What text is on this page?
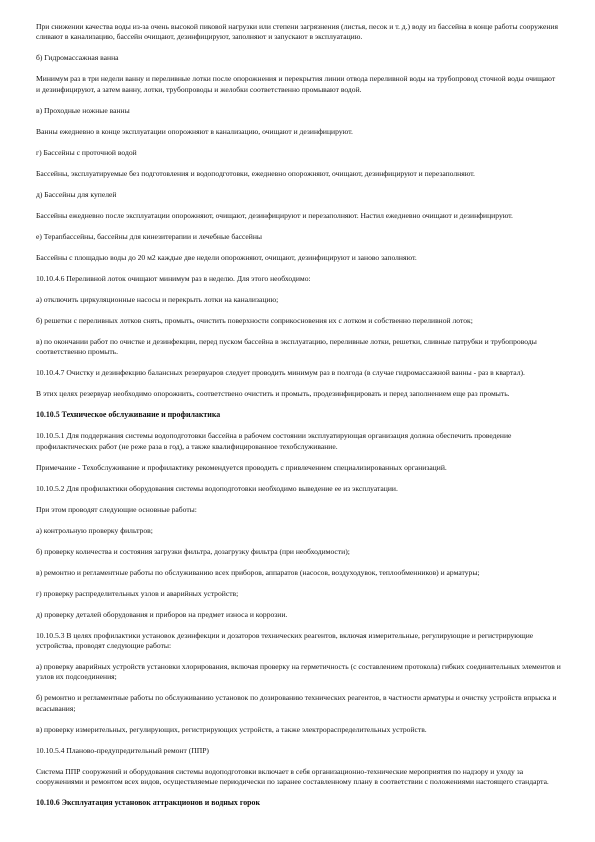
При снижении качества воды из-за очень высокой пиковой нагрузки или степени загрязнения (листья, песок и т. д.) воду из бассейна в конце работы сооружения сливают в канализацию, бассейн очищают, дезинфицируют, заполняют и запускают в эксплуатацию.

б) Гидромассажная ванна

Минимум раз в три недели ванну и переливные лотки после опорожнения и перекрытия линии отвода переливной воды на трубопровод сточной воды очищают и дезинфицируют, а затем ванну, лотки, трубопроводы и желобки соответственно промывают водой.

в) Проходные ножные ванны

Ванны ежедневно в конце эксплуатации опорожняют в канализацию, очищают и дезинфицируют.

г) Бассейны с проточной водой

Бассейны, эксплуатируемые без подготовления и водоподготовки, ежедневно опорожняют, очищают, дезинфицируют и перезаполняют.

д) Бассейны для купелей

Бассейны ежедневно после эксплуатации опорожняют, очищают, дезинфицируют и перезаполняют. Настил ежедневно очищают и дезинфицируют.

е) Терапбассейны, бассейны для кинезитерапии и лечебные бассейны

Бассейны с площадью воды до 20 м2 каждые две недели опорожняют, очищают, дезинфицируют и заново заполняют.

10.10.4.6 Переливной лоток очищают минимум раз в неделю. Для этого необходимо:

а) отключить циркуляционные насосы и перекрыть лотки на канализацию;

б) решетки с переливных лотков снять, промыть, очистить поверхности соприкосновения их с лотком и собственно переливной лоток;

в) по окончании работ по очистке и дезинфекции, перед пуском бассейна в эксплуатацию, переливные лотки, решетки, сливные патрубки и трубопроводы соответственно промыть.

10.10.4.7 Очистку и дезинфекцию балансных резервуаров следует проводить минимум раз в полгода (в случае гидромассажной ванны - раз в квартал).

В этих целях резервуар необходимо опорожнить, соответствено очистить и промыть, продезинфицировать и перед заполнением еще раз промыть.

10.10.5 Техническое обслуживание и профилактика

10.10.5.1 Для поддержания системы водоподготовки бассейна в рабочем состоянии эксплуатирующая организация должна обеспечить проведение профилактических работ (не реже раза в год), а также квалифицированное техобслуживание.

Примечание - Техобслуживание и профилактику рекомендуется проводить с привлечением специализированных организаций.

10.10.5.2 Для профилактики оборудования системы водоподготовки необходимо выведение ее из эксплуатации.

При этом проводят следующие основные работы:

а) контрольную проверку фильтров;

б) проверку количества и состояния загрузки фильтра, дозагрузку фильтра (при необходимости);

в) ремонтно и регламентные работы по обслуживанию всех приборов, аппаратов (насосов, воздуходувок, теплообменников) и арматуры;

г) проверку распределительных узлов и аварийных устройств;

д) проверку деталей оборудования и приборов на предмет износа и коррозии.

10.10.5.3 В целях профилактики установок дезинфекции и дозаторов технических реагентов, включая измерительные, регулирующие и регистрирующие устройства, проводят следующие работы:

а) проверку аварийных устройств установки хлорирования, включая проверку на герметичность (с составлением протокола) гибких соединительных элементов и узлов их подсоединения;

б) ремонтно и регламентные работы по обслуживанию установок по дозированию технических реагентов, в частности арматуры и очистку устройств впрыска и всасывания;

в) проверку измерительных, регулирующих, регистрирующих устройств, а также электрораспределительных устройств.

10.10.5.4 Планово-предупредительный ремонт (ППР)

Система ППР сооружений и оборудования системы водоподготовки включает в себя организационно-технические мероприятия по надзору и уходу за сооружениями и ремонтом всех видов, осуществляемые периодически по заранее составленному плану в соответствии с положениями настоящего стандарта.

10.10.6 Эксплуатация установок аттракционов и водных горок
